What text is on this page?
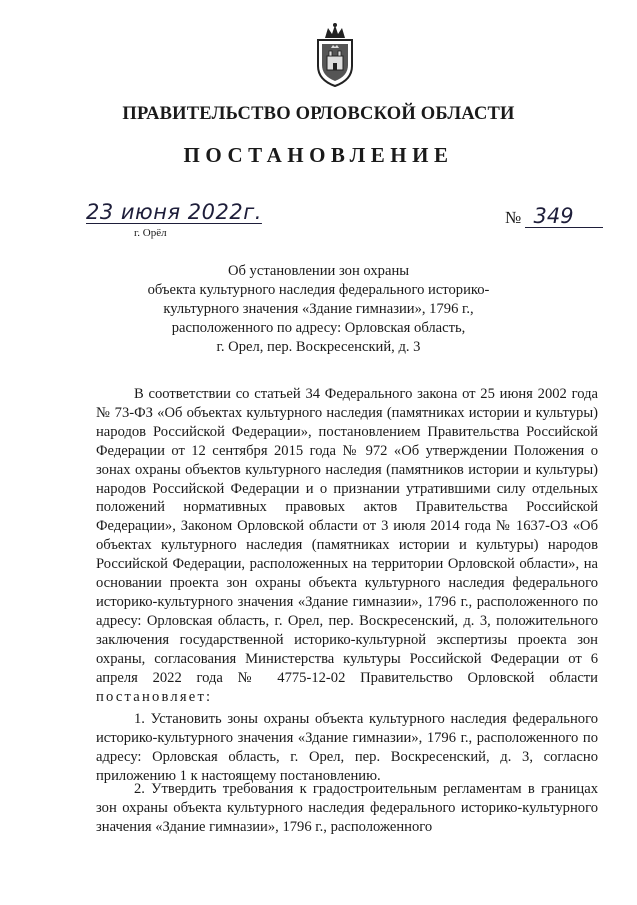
ПРАВИТЕЛЬСТВО ОРЛОВСКОЙ ОБЛАСТИ
ПОСТАНОВЛЕНИЕ
23 июня 2022г.
г. Орёл
№ 349
Об установлении зон охраны
объекта культурного наследия федерального историко-
культурного значения «Здание гимназии», 1796 г.,
расположенного по адресу: Орловская область,
г. Орел, пер. Воскресенский, д. 3
В соответствии со статьей 34 Федерального закона от 25 июня 2002 года № 73-ФЗ «Об объектах культурного наследия (памятниках истории и культуры) народов Российской Федерации», постановлением Правительства Российской Федерации от 12 сентября 2015 года № 972 «Об утверждении Положения о зонах охраны объектов культурного наследия (памятников истории и культуры) народов Российской Федерации и о признании утратившими силу отдельных положений нормативных правовых актов Правительства Российской Федерации», Законом Орловской области от 3 июля 2014 года № 1637-ОЗ «Об объектах культурного наследия (памятниках истории и культуры) народов Российской Федерации, расположенных на территории Орловской области», на основании проекта зон охраны объекта культурного наследия федерального историко-культурного значения «Здание гимназии», 1796 г., расположенного по адресу: Орловская область, г. Орел, пер. Воскресенский, д. 3, положительного заключения государственной историко-культурной экспертизы проекта зон охраны, согласования Министерства культуры Российской Федерации от 6 апреля 2022 года № 4775-12-02 Правительство Орловской области постановляет:
1. Установить зоны охраны объекта культурного наследия федерального историко-культурного значения «Здание гимназии», 1796 г., расположенного по адресу: Орловская область, г. Орел, пер. Воскресенский, д. 3, согласно приложению 1 к настоящему постановлению.
2. Утвердить требования к градостроительным регламентам в границах зон охраны объекта культурного наследия федерального историко-культурного значения «Здание гимназии», 1796 г., расположенного
